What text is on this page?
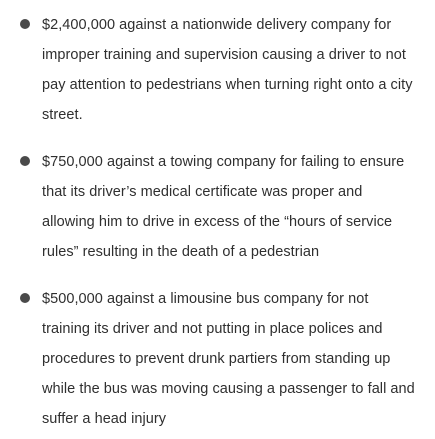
$2,400,000 against a nationwide delivery company for improper training and supervision causing a driver to not pay attention to pedestrians when turning right onto a city street.
$750,000 against a towing company for failing to ensure that its driver’s medical certificate was proper and allowing him to drive in excess of the “hours of service rules” resulting in the death of a pedestrian
$500,000 against a limousine bus company for not training its driver and not putting in place polices and procedures to prevent drunk partiers from standing up while the bus was moving causing a passenger to fall and suffer a head injury
